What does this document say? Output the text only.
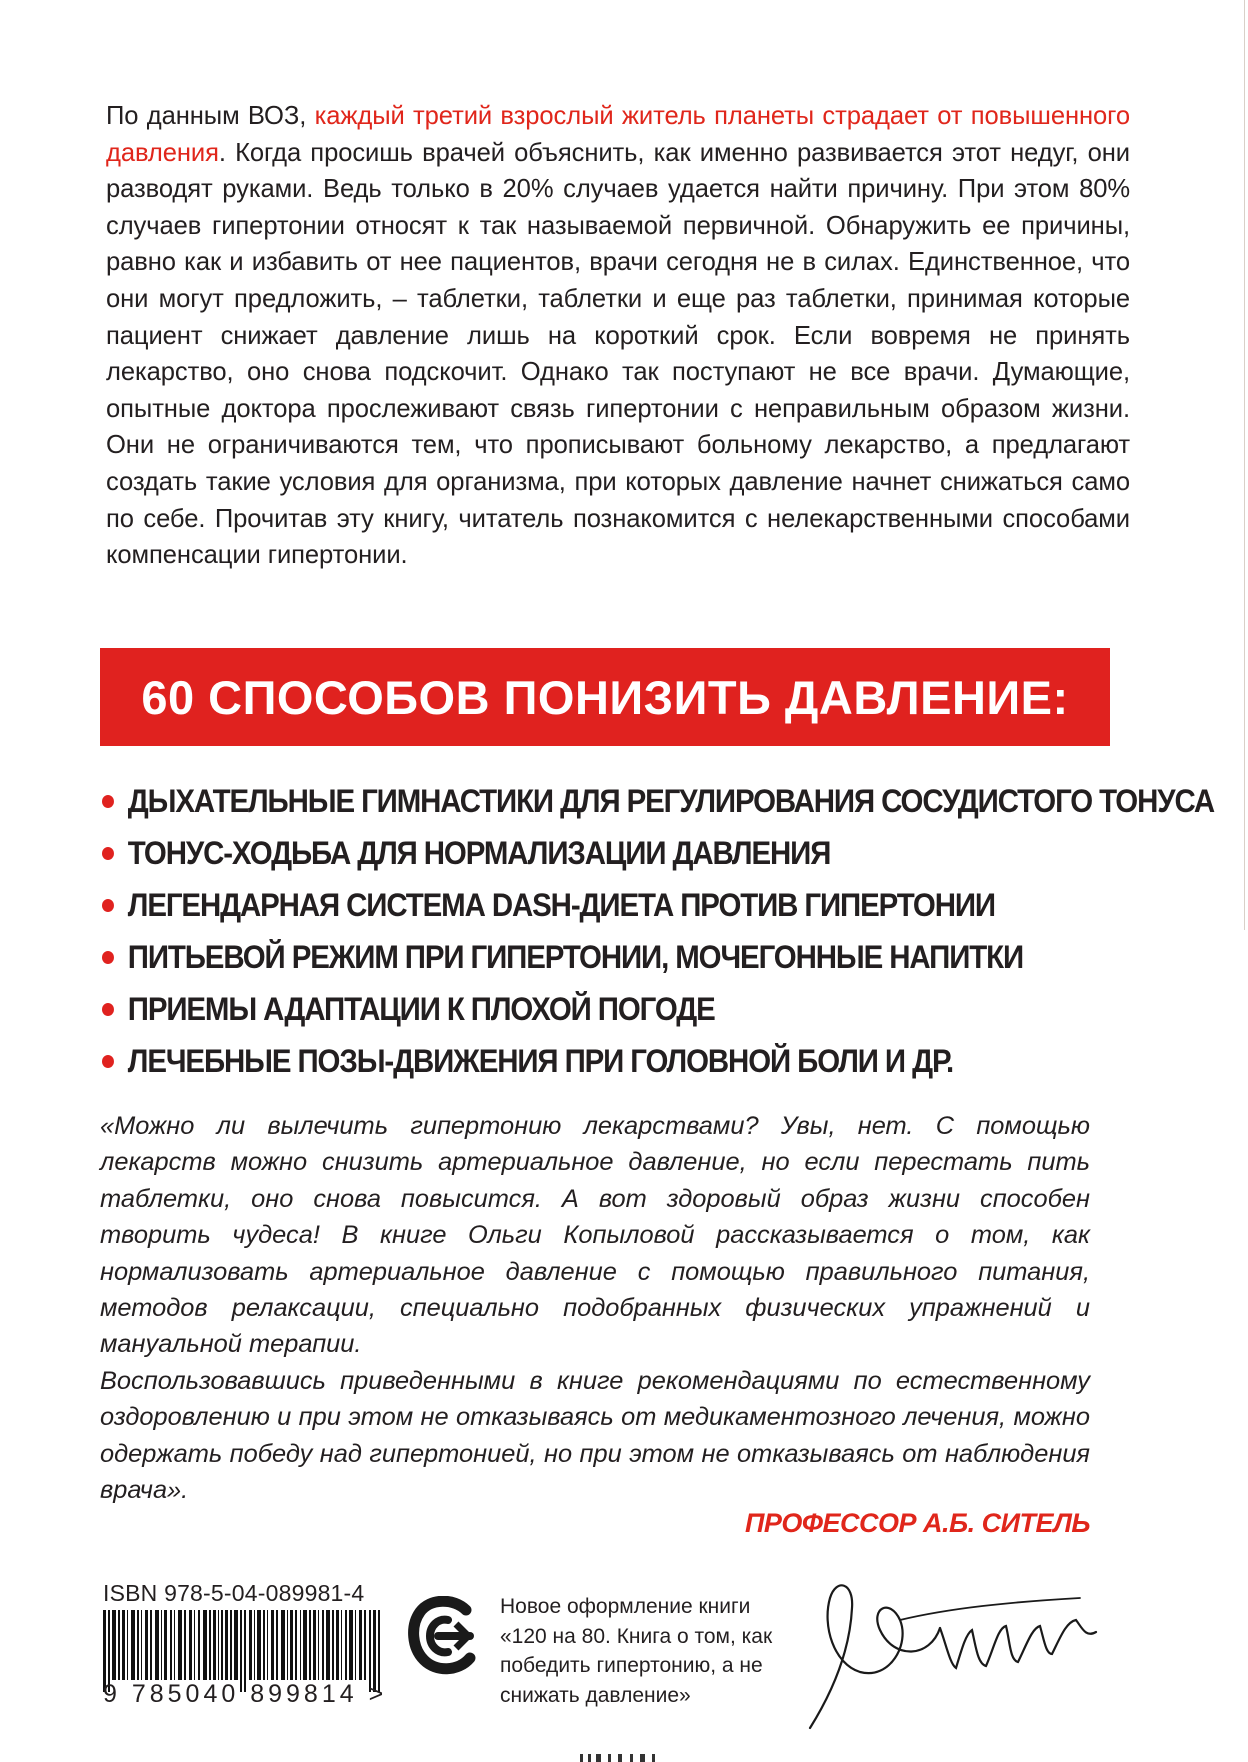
По данным ВОЗ, каждый третий взрослый житель планеты страдает от повышенного давления. Когда просишь врачей объяснить, как именно развивается этот недуг, они разводят руками. Ведь только в 20% случаев удается найти причину. При этом 80% случаев гипертонии относят к так называемой первичной. Обнаружить ее причины, равно как и избавить от нее пациентов, врачи сегодня не в силах. Единственное, что они могут предложить, – таблетки, таблетки и еще раз таблетки, принимая которые пациент снижает давление лишь на короткий срок. Если вовремя не принять лекарство, оно снова подскочит. Однако так поступают не все врачи. Думающие, опытные доктора прослеживают связь гипертонии с неправильным образом жизни. Они не ограничиваются тем, что прописывают больному лекарство, а предлагают создать такие условия для организма, при которых давление начнет снижаться само по себе. Прочитав эту книгу, читатель познакомится с нелекарственными способами компенсации гипертонии.

60 СПОСОБОВ ПОНИЗИТЬ ДАВЛЕНИЕ:
ДЫХАТЕЛЬНЫЕ ГИМНАСТИКИ ДЛЯ РЕГУЛИРОВАНИЯ СОСУДИСТОГО ТОНУСА
ТОНУС-ХОДЬБА ДЛЯ НОРМАЛИЗАЦИИ ДАВЛЕНИЯ
ЛЕГЕНДАРНАЯ СИСТЕМА DASH-ДИЕТА ПРОТИВ ГИПЕРТОНИИ
ПИТЬЕВОЙ РЕЖИМ ПРИ ГИПЕРТОНИИ, МОЧЕГОННЫЕ НАПИТКИ
ПРИЕМЫ АДАПТАЦИИ К ПЛОХОЙ ПОГОДЕ
ЛЕЧЕБНЫЕ ПОЗЫ-ДВИЖЕНИЯ ПРИ ГОЛОВНОЙ БОЛИ И ДР.

«Можно ли вылечить гипертонию лекарствами? Увы, нет. С помощью лекарств можно снизить артериальное давление, но если перестать пить таблетки, оно снова повысится. А вот здоровый образ жизни способен творить чудеса! В книге Ольги Копыловой рассказывается о том, как нормализовать артериальное давление с помощью правильного питания, методов релаксации, специально подобранных физических упражнений и мануальной терапии.

Воспользовавшись приведенными в книге рекомендациями по естественному оздоровлению и при этом не отказываясь от медикаментозного лечения, можно одержать победу над гипертонией, но при этом не отказываясь от наблюдения врача».

ПРОФЕССОР А.Б. СИТЕЛЬ
ISBN 978-5-04-089981-4
9 785040 899814 >
Новое оформление книги «120 на 80. Книга о том, как победить гипертонию, а не снижать давление»
